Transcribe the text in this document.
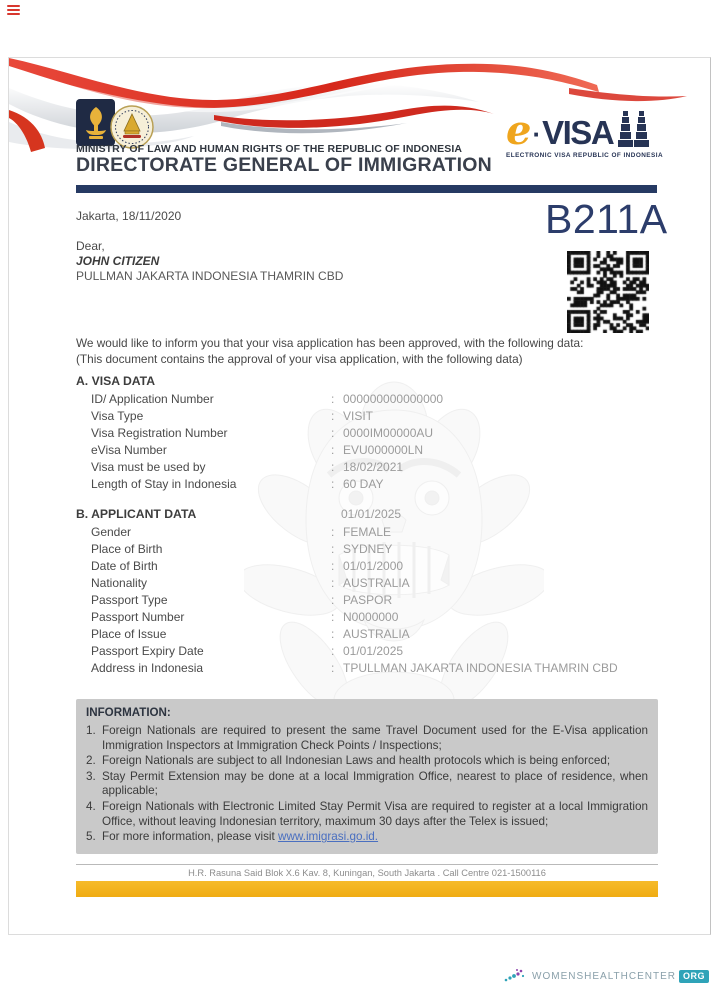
MINISTRY OF LAW AND HUMAN RIGHTS OF THE REPUBLIC OF INDONESIA
DIRECTORATE GENERAL OF IMMIGRATION
e · VISA
ELECTRONIC VISA REPUBLIC OF INDONESIA
Jakarta, 18/11/2020	B211A
Dear,
JOHN CITIZEN
PULLMAN JAKARTA INDONESIA THAMRIN CBD
We would like to inform you that your visa application has been approved, with the following data:
(This document contains the approval of your visa application, with the following data)
A. VISA DATA
ID/ Application Number	: 000000000000000
Visa Type	: VISIT
Visa Registration Number	: 0000IM00000AU
eVisa Number	: EVU000000LN
Visa must be used by	: 18/02/2021
Length of Stay in Indonesia	: 60 DAY
B. APPLICANT DATA	01/01/2025
Gender	: FEMALE
Place of Birth	: SYDNEY
Date of Birth	: 01/01/2000
Nationality	: AUSTRALIA
Passport Type	: PASPOR
Passport Number	: N0000000
Place of Issue	: AUSTRALIA
Passport Expiry Date	: 01/01/2025
Address in Indonesia	: TPULLMAN JAKARTA INDONESIA THAMRIN CBD
INFORMATION:
1. Foreign Nationals are required to present the same Travel Document used for the E-Visa application Immigration Inspectors at Immigration Check Points / Inspections;
2. Foreign Nationals are subject to all Indonesian Laws and health protocols which is being enforced;
3. Stay Permit Extension may be done at a local Immigration Office, nearest to place of residence, when applicable;
4. Foreign Nationals with Electronic Limited Stay Permit Visa are required to register at a local Immigration Office, without leaving Indonesian territory, maximum 30 days after the Telex is issued;
5. For more information, please visit www.imigrasi.go.id.
H.R. Rasuna Said Blok X.6 Kav. 8, Kuningan, South Jakarta . Call Centre 021-1500116
WOMENSHEALTHCENTER ORG
